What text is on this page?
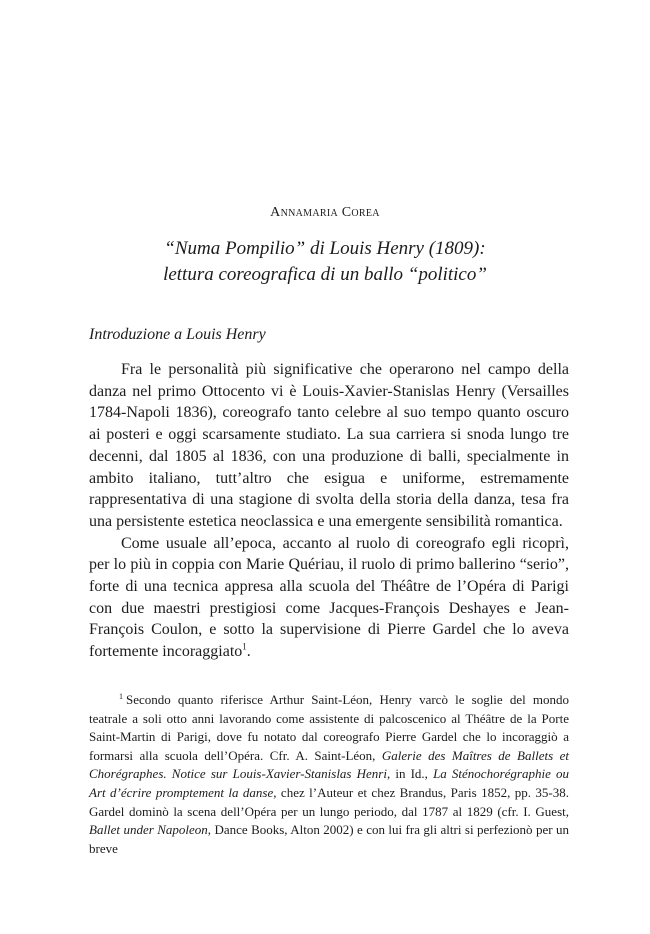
Annamaria Corea
“Numa Pompilio” di Louis Henry (1809):
lettura coreografica di un ballo “politico”
Introduzione a Louis Henry

Fra le personalità più significative che operarono nel campo della danza nel primo Ottocento vi è Louis-Xavier-Stanislas Henry (Versailles 1784-Napoli 1836), coreografo tanto celebre al suo tempo quanto oscuro ai posteri e oggi scarsamente studiato. La sua carriera si snoda lungo tre decenni, dal 1805 al 1836, con una produzione di balli, specialmente in ambito italiano, tutt’altro che esigua e uniforme, estremamente rappresentativa di una stagione di svolta della storia della danza, tesa fra una persistente estetica neoclassica e una emergente sensibilità romantica.

Come usuale all’epoca, accanto al ruolo di coreografo egli ricoprì, per lo più in coppia con Marie Quériau, il ruolo di primo ballerino “serio”, forte di una tecnica appresa alla scuola del Théâtre de l’Opéra di Parigi con due maestri prestigiosi come Jacques-François Deshayes e Jean-François Coulon, e sotto la supervisione di Pierre Gardel che lo aveva fortemente incoraggiato$^1$.

$^1$ Secondo quanto riferisce Arthur Saint-Léon, Henry varcò le soglie del mondo teatrale a soli otto anni lavorando come assistente di palcoscenico al Théâtre de la Porte Saint-Martin di Parigi, dove fu notato dal coreografo Pierre Gardel che lo incoraggiò a formarsi alla scuola dell’Opéra. Cfr. A. Saint-Léon, Galerie des Maîtres de Ballets et Chorégraphes. Notice sur Louis-Xavier-Stanislas Henri, in Id., La Sténochorégraphie ou Art d’écrire promptement la danse, chez l’Auteur et chez Brandus, Paris 1852, pp. 35-38. Gardel dominò la scena dell’Opéra per un lungo periodo, dal 1787 al 1829 (cfr. I. Guest, Ballet under Napoleon, Dance Books, Alton 2002) e con lui fra gli altri si perfezionò per un breve
